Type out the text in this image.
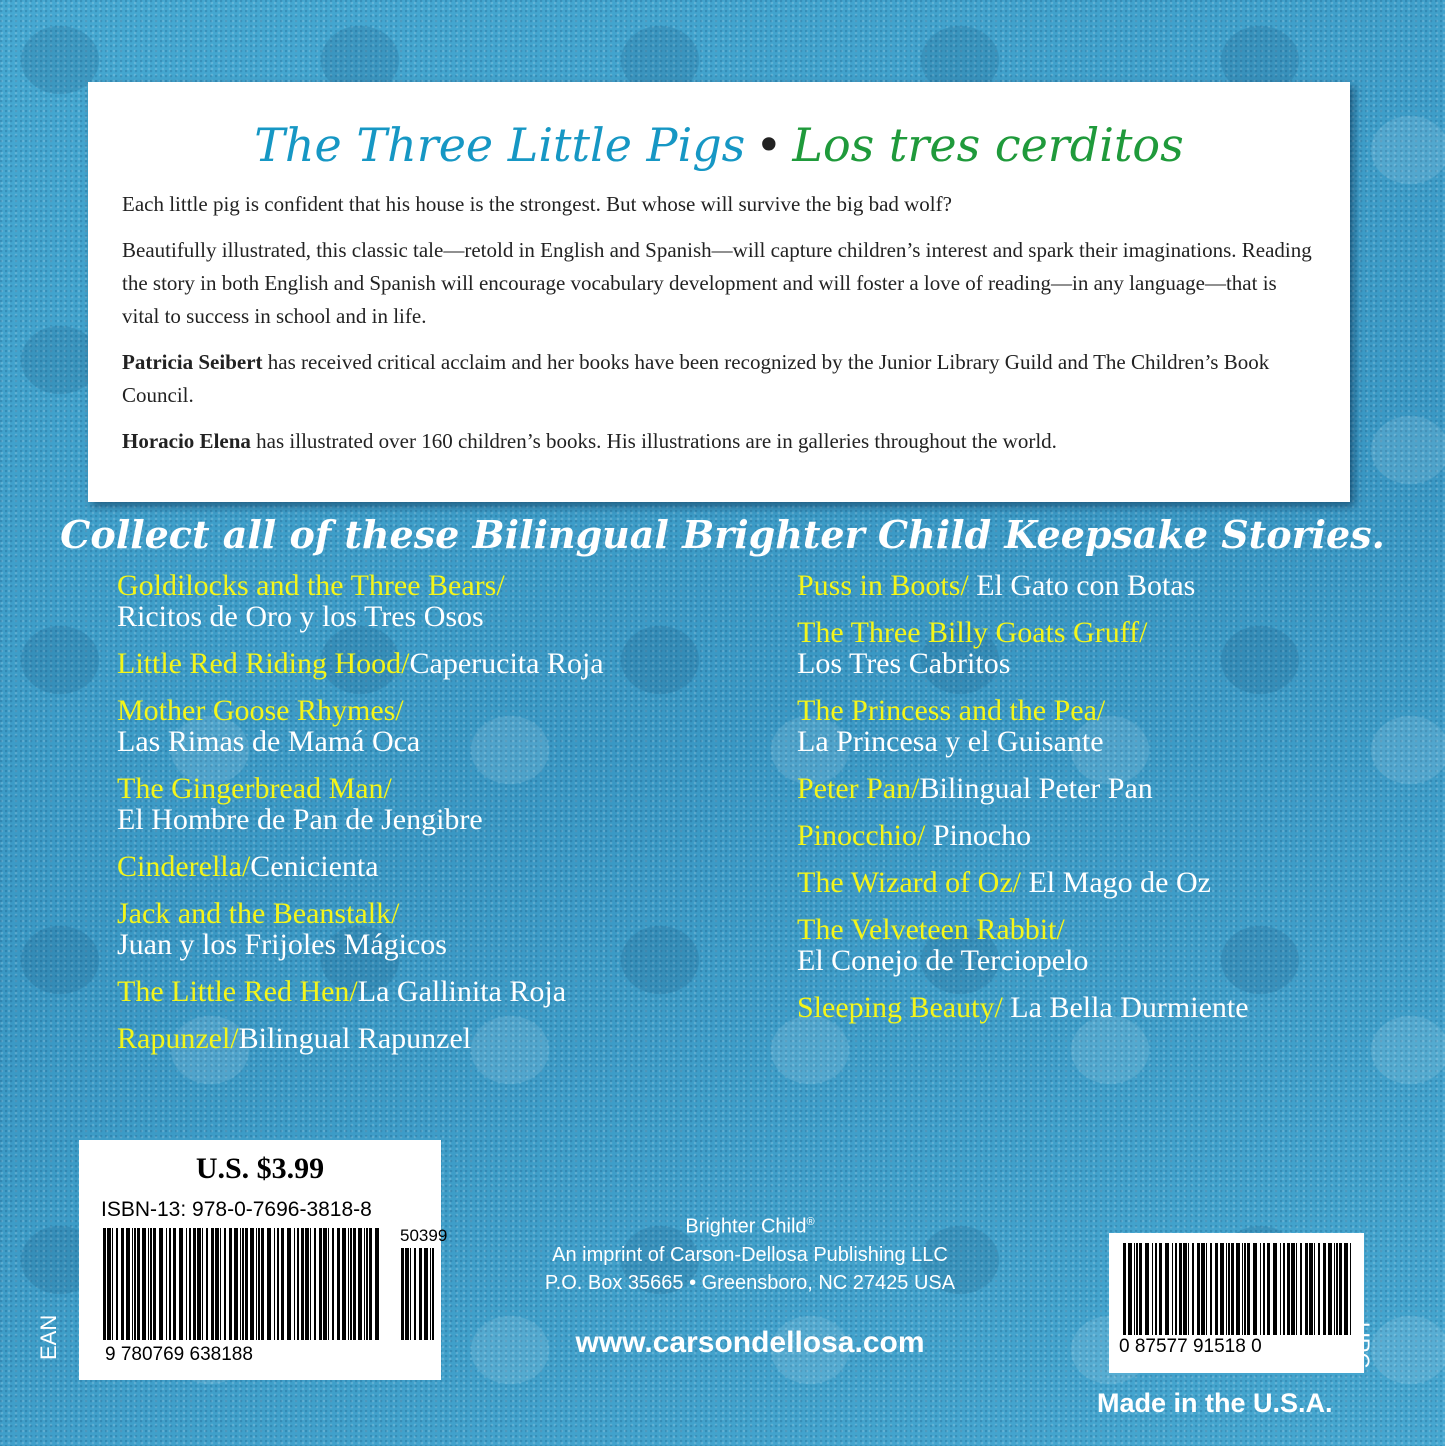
The Three Little Pigs • Los tres cerditos

Each little pig is confident that his house is the strongest. But whose will survive the big bad wolf?

Beautifully illustrated, this classic tale—retold in English and Spanish—will capture children’s interest and spark their imaginations. Reading the story in both English and Spanish will encourage vocabulary development and will foster a love of reading—in any language—that is vital to success in school and in life.

Patricia Seibert has received critical acclaim and her books have been recognized by the Junior Library Guild and The Children’s Book Council.

Horacio Elena has illustrated over 160 children’s books. His illustrations are in galleries throughout the world.

Collect all of these Bilingual Brighter Child Keepsake Stories.
Goldilocks and the Three Bears/
Ricitos de Oro y los Tres Osos
Little Red Riding Hood/Caperucita Roja
Mother Goose Rhymes/
Las Rimas de Mamá Oca
The Gingerbread Man/
El Hombre de Pan de Jengibre
Cinderella/Cenicienta
Jack and the Beanstalk/
Juan y los Frijoles Mágicos
The Little Red Hen/La Gallinita Roja
Rapunzel/Bilingual Rapunzel
Puss in Boots/ El Gato con Botas
The Three Billy Goats Gruff/
Los Tres Cabritos
The Princess and the Pea/
La Princesa y el Guisante
Peter Pan/Bilingual Peter Pan
Pinocchio/ Pinocho
The Wizard of Oz/ El Mago de Oz
The Velveteen Rabbit/
El Conejo de Terciopelo
Sleeping Beauty/ La Bella Durmiente
U.S. $3.99
ISBN-13: 978-0-7696-3818-8
50399
9 780769 638188
EAN
Brighter Child®
An imprint of Carson-Dellosa Publishing LLC
P.O. Box 35665 • Greensboro, NC 27425 USA
www.carsondellosa.com	0 87577 91518 0	UPC
Made in the U.S.A.
